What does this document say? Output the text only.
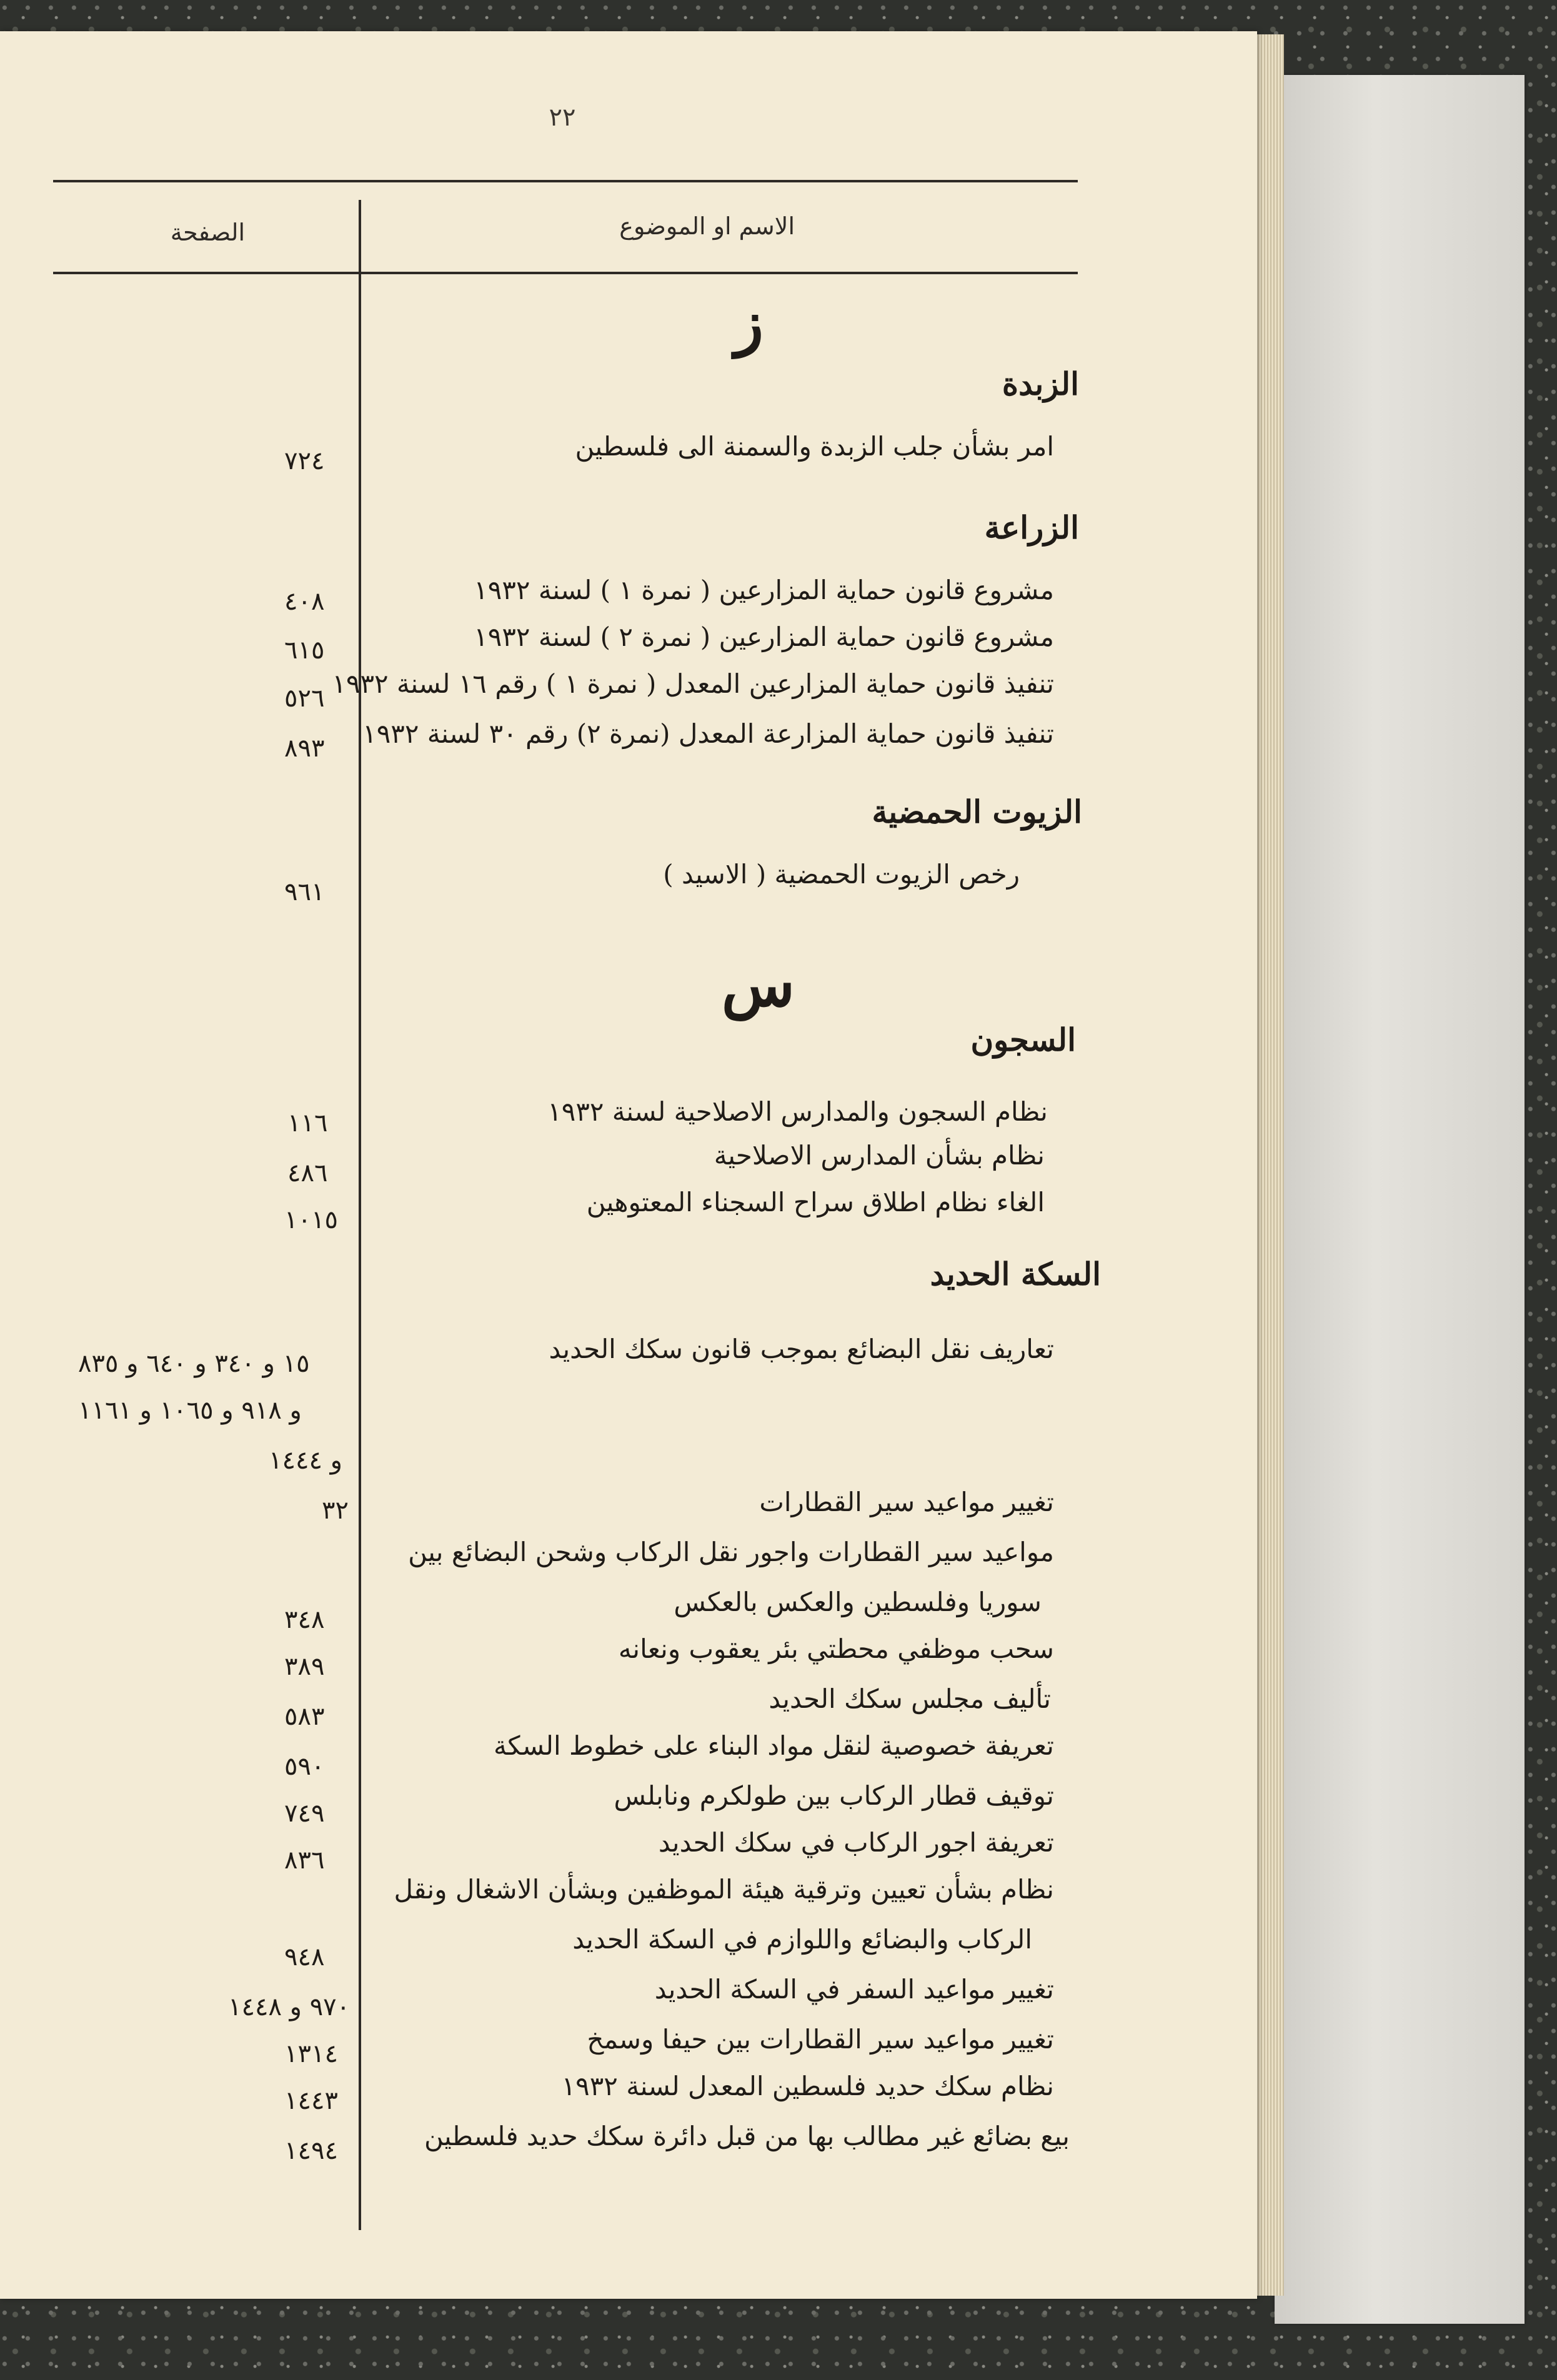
٢٢
الاسم او الموضوع
الصفحة
ز
س
الزبدة
الزراعة
الزيوت الحمضية
السجون
السكة الحديد
امر بشأن جلب الزبدة والسمنة الى فلسطين
٧٢٤
مشروع قانون حماية المزارعين ( نمرة ١ ) لسنة ١٩٣٢
٤٠٨
مشروع قانون حماية المزارعين ( نمرة ٢ ) لسنة ١٩٣٢
٦١٥
تنفيذ قانون حماية المزارعين المعدل ( نمرة ١ ) رقم ١٦ لسنة ١٩٣٢
٥٢٦
تنفيذ قانون حماية المزارعة المعدل (نمرة ٢) رقم ٣٠ لسنة ١٩٣٢
٨٩٣
رخص الزيوت الحمضية ( الاسيد )
٩٦١
نظام السجون والمدارس الاصلاحية لسنة ١٩٣٢
١١٦
نظام بشأن المدارس الاصلاحية
٤٨٦
الغاء نظام اطلاق سراح السجناء المعتوهين
١٠١٥
تعاريف نقل البضائع بموجب قانون سكك الحديد
١٥ و ٣٤٠ و ٦٤٠ و ٨٣٥
و ٩١٨ و ١٠٦٥ و ١١٦١
و ١٤٤٤
تغيير مواعيد سير القطارات
٣٢
مواعيد سير القطارات واجور نقل الركاب وشحن البضائع بين
سوريا وفلسطين والعكس بالعكس
٣٤٨
سحب موظفي محطتي بئر يعقوب ونعانه
٣٨٩
تأليف مجلس سكك الحديد
٥٨٣
تعريفة خصوصية لنقل مواد البناء على خطوط السكة
٥٩٠
توقيف قطار الركاب بين طولكرم ونابلس
٧٤٩
تعريفة اجور الركاب في سكك الحديد
٨٣٦
نظام بشأن تعيين وترقية هيئة الموظفين وبشأن الاشغال ونقل
الركاب والبضائع واللوازم في السكة الحديد
٩٤٨
تغيير مواعيد السفر في السكة الحديد
٩٧٠ و ١٤٤٨
تغيير مواعيد سير القطارات بين حيفا وسمخ
١٣١٤
نظام سكك حديد فلسطين المعدل لسنة ١٩٣٢
١٤٤٣
بيع بضائع غير مطالب بها من قبل دائرة سكك حديد فلسطين
١٤٩٤
